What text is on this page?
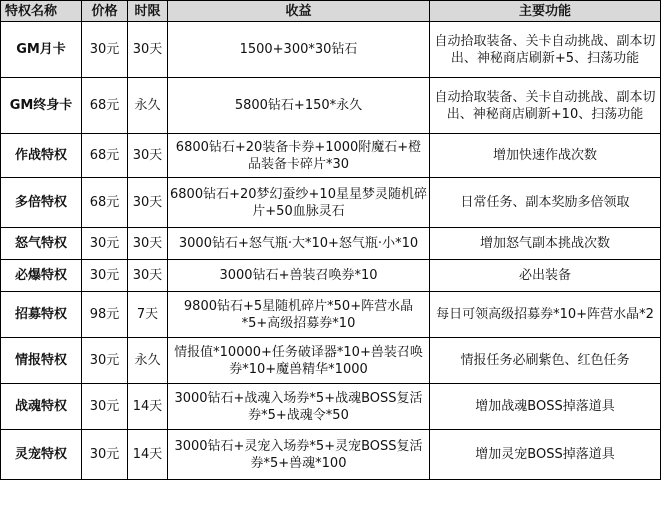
特权名称	价格	时限	收益	主要功能
GM月卡	30元	30天	1500+300*30钻石	自动拾取装备、关卡自动挑战、副本切出、神秘商店刷新+5、扫荡功能
GM终身卡	68元	永久	5800钻石+150*永久	自动拾取装备、关卡自动挑战、副本切出、神秘商店刷新+10、扫荡功能
作战特权	68元	30天	6800钻石+20装备卡券+1000附魔石+橙品装备卡碎片*30	增加快速作战次数
多倍特权	68元	30天	6800钻石+20梦幻蚕纱+10星星梦灵随机碎片+50血脉灵石	日常任务、副本奖励多倍领取
怒气特权	30元	30天	3000钻石+怒气瓶·大*10+怒气瓶·小*10	增加怒气副本挑战次数
必爆特权	30元	30天	3000钻石+兽装召唤券*10	必出装备
招募特权	98元	7天	9800钻石+5星随机碎片*50+阵营水晶*5+高级招募券*10	每日可领高级招募券*10+阵营水晶*2
情报特权	30元	永久	情报值*10000+任务破译器*10+兽装召唤券*10+魔兽精华*1000	情报任务必刷紫色、红色任务
战魂特权	30元	14天	3000钻石+战魂入场券*5+战魂BOSS复活券*5+战魂令*50	增加战魂BOSS掉落道具
灵宠特权	30元	14天	3000钻石+灵宠入场券*5+灵宠BOSS复活券*5+兽魂*100	增加灵宠BOSS掉落道具
